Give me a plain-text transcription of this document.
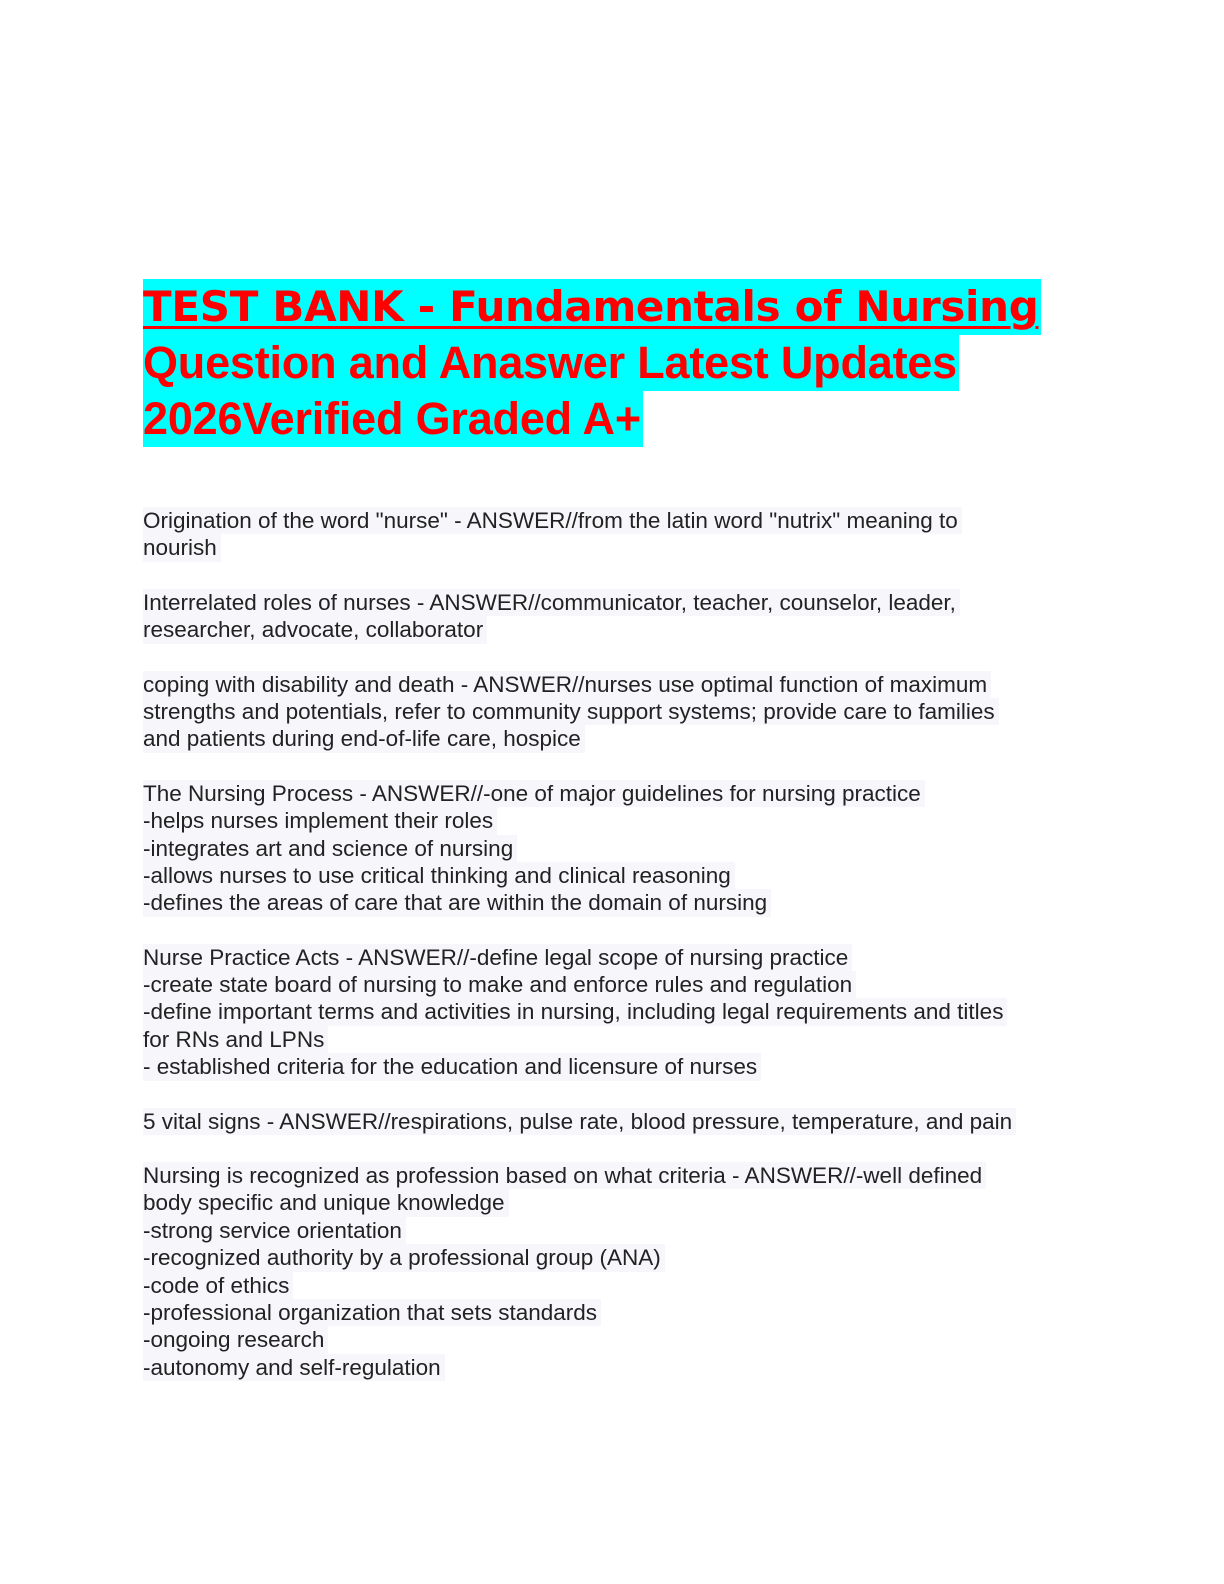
TEST BANK - Fundamentals of Nursing
Question and Anaswer Latest Updates
2026Verified Graded A+
Origination of the word "nurse" - ANSWER//from the latin word "nutrix" meaning to
nourish
Interrelated roles of nurses - ANSWER//communicator, teacher, counselor, leader,
researcher, advocate, collaborator
coping with disability and death - ANSWER//nurses use optimal function of maximum
strengths and potentials, refer to community support systems; provide care to families
and patients during end-of-life care, hospice
The Nursing Process - ANSWER//-one of major guidelines for nursing practice
-helps nurses implement their roles
-integrates art and science of nursing
-allows nurses to use critical thinking and clinical reasoning
-defines the areas of care that are within the domain of nursing
Nurse Practice Acts - ANSWER//-define legal scope of nursing practice
-create state board of nursing to make and enforce rules and regulation
-define important terms and activities in nursing, including legal requirements and titles
for RNs and LPNs
- established criteria for the education and licensure of nurses
5 vital signs - ANSWER//respirations, pulse rate, blood pressure, temperature, and pain
Nursing is recognized as profession based on what criteria - ANSWER//-well defined
body specific and unique knowledge
-strong service orientation
-recognized authority by a professional group (ANA)
-code of ethics
-professional organization that sets standards
-ongoing research
-autonomy and self-regulation
